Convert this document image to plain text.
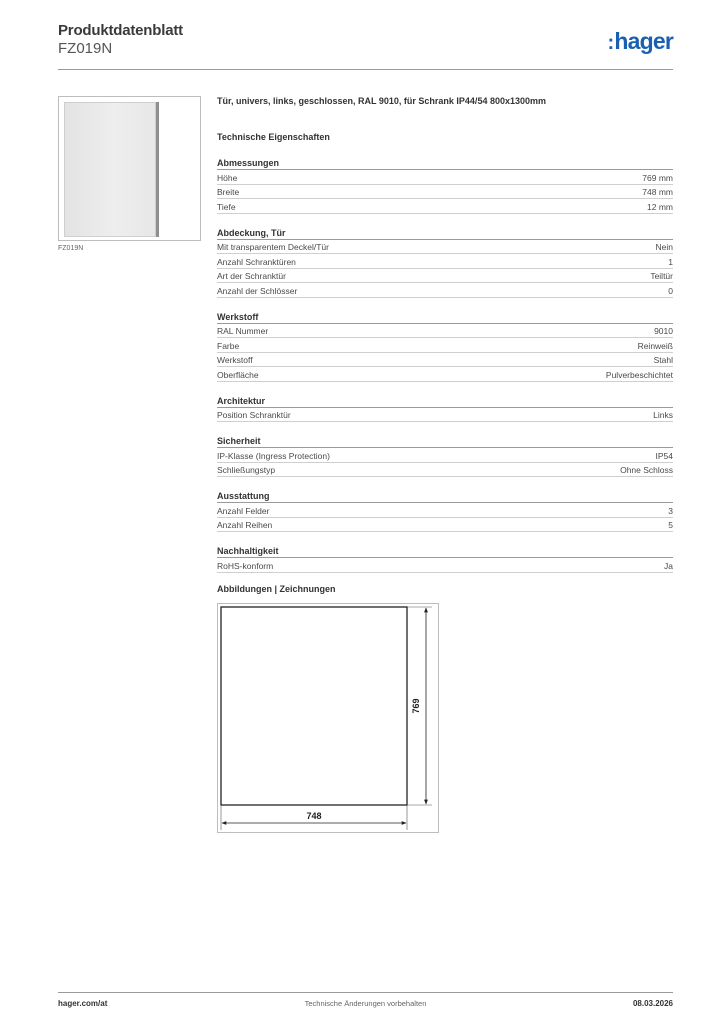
Produktdatenblatt
FZ019N	:hager
FZ019N
Tür, univers, links, geschlossen, RAL 9010, für Schrank IP44/54 800x1300mm
Technische Eigenschaften
Abmessungen
Höhe	769 mm
Breite	748 mm
Tiefe	12 mm
Abdeckung, Tür
Mit transparentem Deckel/Tür	Nein
Anzahl Schranktüren	1
Art der Schranktür	Teiltür
Anzahl der Schlösser	0
Werkstoff
RAL Nummer	9010
Farbe	Reinweiß
Werkstoff	Stahl
Oberfläche	Pulverbeschichtet
Architektur
Position Schranktür	Links
Sicherheit
IP-Klasse (Ingress Protection)	IP54
Schließungstyp	Ohne Schloss
Ausstattung
Anzahl Felder	3
Anzahl Reihen	5
Nachhaltigkeit
RoHS-konform	Ja
Abbildungen | Zeichnungen
769
748
hager.com/at	Technische Änderungen vorbehalten	08.03.2026
